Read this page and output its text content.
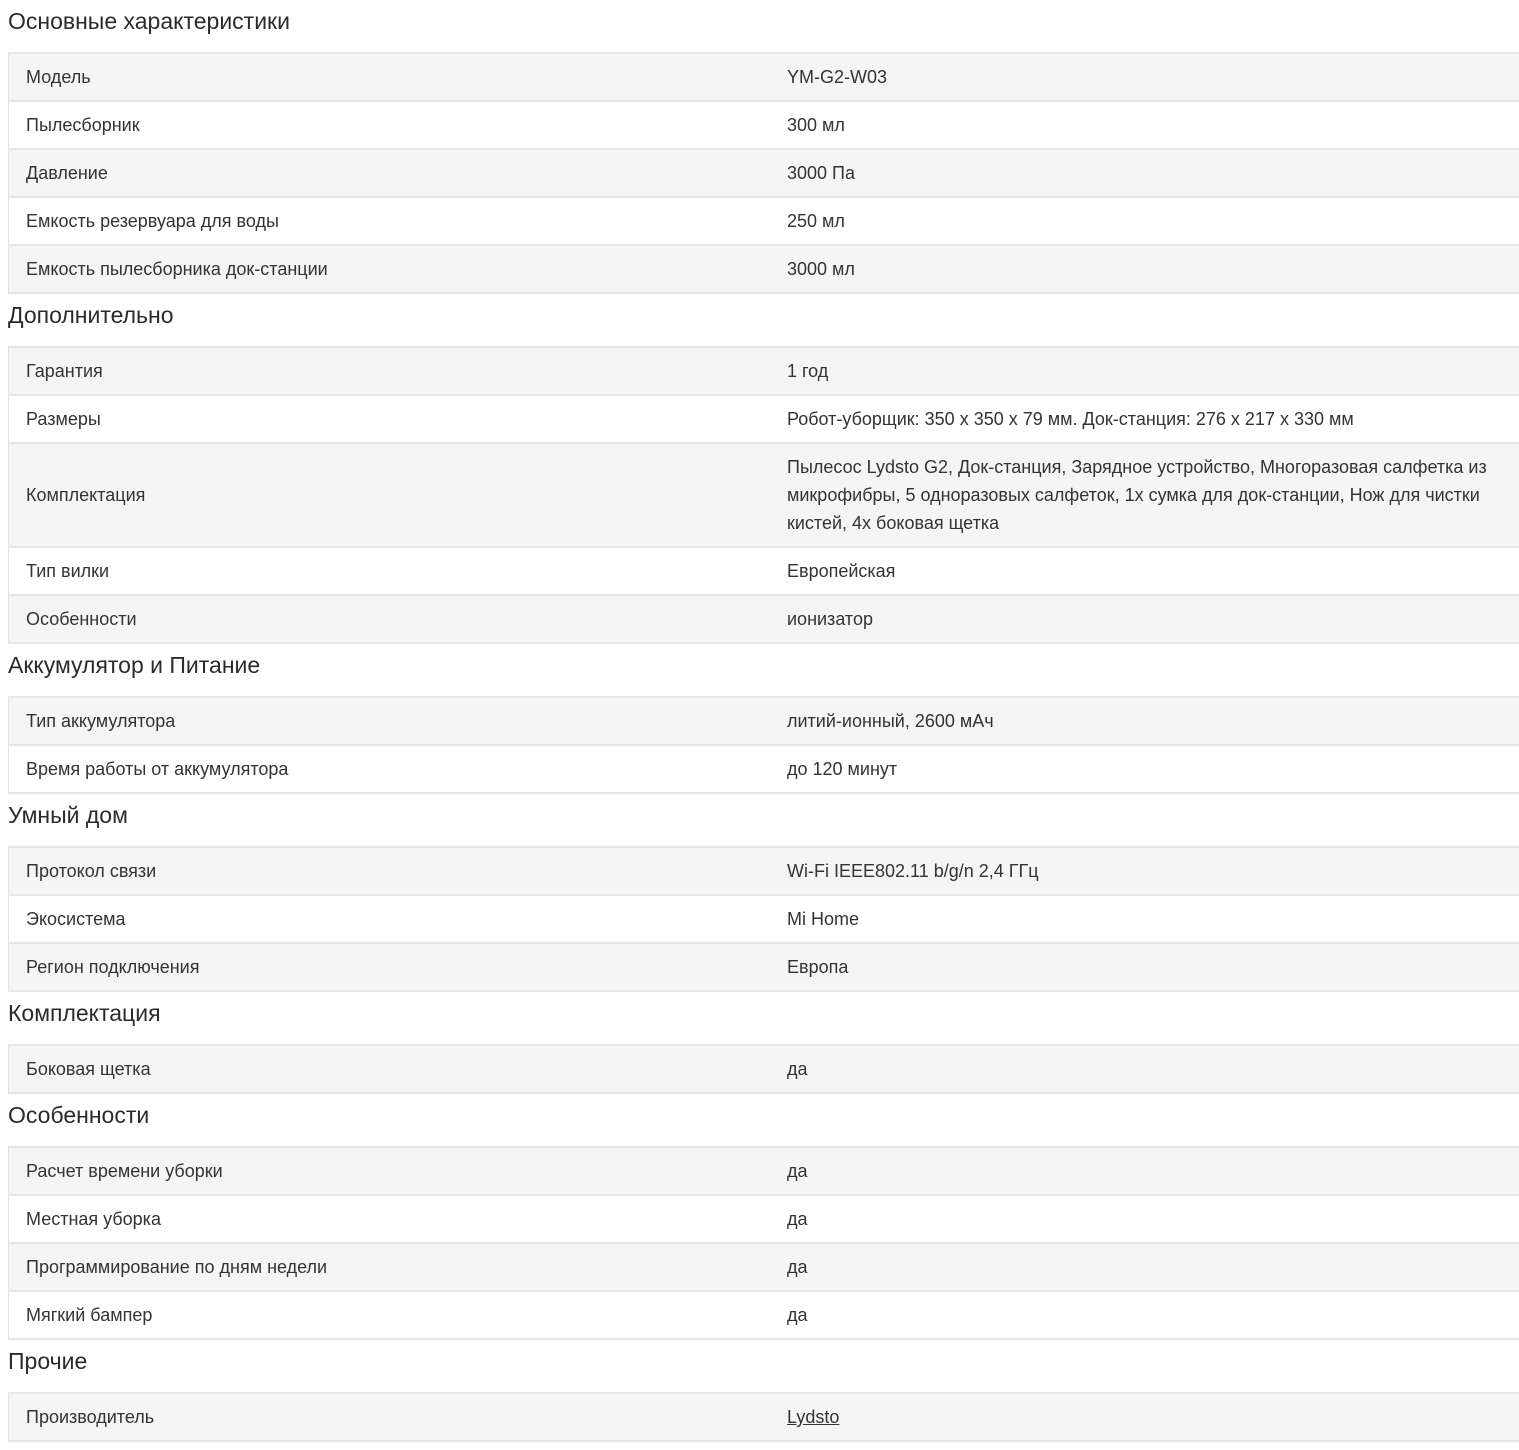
Основные характеристики
Модель	YM-G2-W03
Пылесборник	300 мл
Давление	3000 Па
Емкость резервуара для воды	250 мл
Емкость пылесборника док-станции	3000 мл
Дополнительно
Гарантия	1 год
Размеры	Робот-уборщик: 350 x 350 x 79 мм. Док-станция: 276 x 217 x 330 мм
Комплектация	Пылесос Lydsto G2, Док-станция, Зарядное устройство, Многоразовая салфетка из микрофибры, 5 одноразовых салфеток, 1x сумка для док-станции, Нож для чистки кистей, 4x боковая щетка
Тип вилки	Европейская
Особенности	ионизатор
Аккумулятор и Питание
Тип аккумулятора	литий-ионный, 2600 мАч
Время работы от аккумулятора	до 120 минут
Умный дом
Протокол связи	Wi-Fi IEEE802.11 b/g/n 2,4 ГГц
Экосистема	Mi Home
Регион подключения	Европа
Комплектация
Боковая щетка	да
Особенности
Расчет времени уборки	да
Местная уборка	да
Программирование по дням недели	да
Мягкий бампер	да
Прочие
Производитель	Lydsto
